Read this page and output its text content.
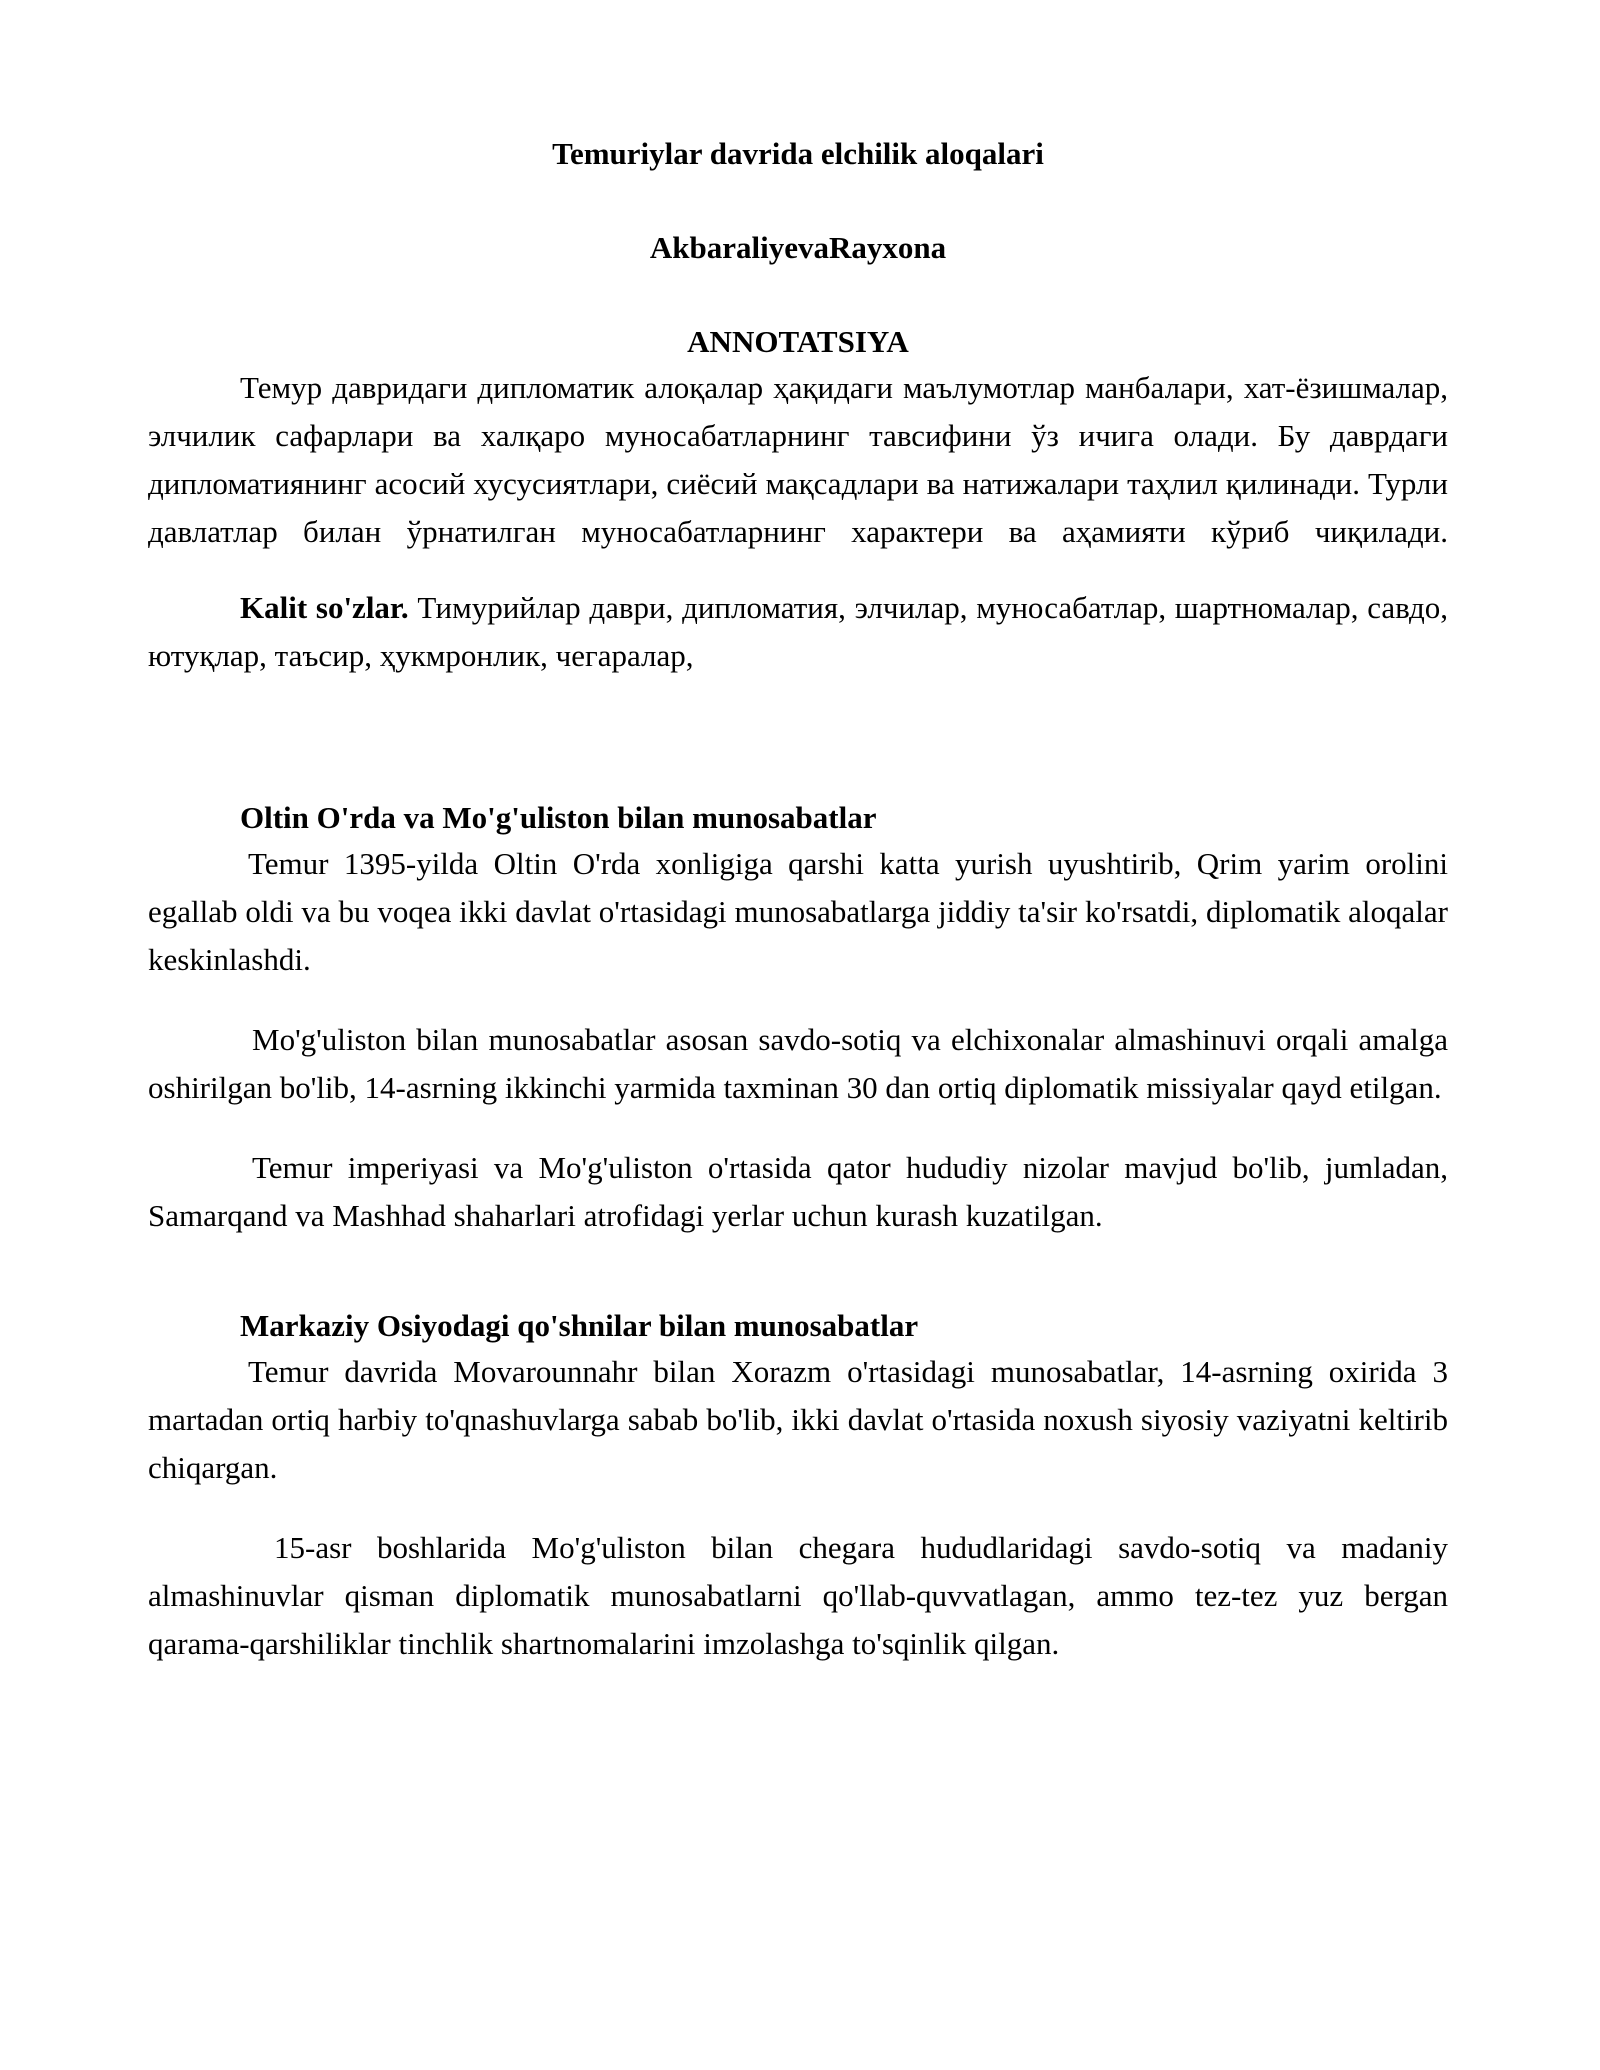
Temuriylar davrida elchilik aloqalari

AkbaraliyevaRayxona

ANNOTATSIYA

Темур давридаги дипломатик алоқалар ҳақидаги маълумотлар манбалари, хат-ёзишмалар, элчилик сафарлари ва халқаро муносабатларнинг тавсифини ўз ичига олади. Бу даврдаги дипломатиянинг асосий хусусиятлари, сиёсий мақсадлари ва натижалари таҳлил қилинади. Турли давлатлар билан ўрнатилган муносабатларнинг характери ва аҳамияти кўриб чиқилади.

Kalit so'zlar. Тимурийлар даври, дипломатия, элчилар, муносабатлар, шартномалар, савдо, ютуқлар, таъсир, ҳукмронлик, чегаралар,

Oltin O'rda va Mo'g'uliston bilan munosabatlar

Temur 1395-yilda Oltin O'rda xonligiga qarshi katta yurish uyushtirib, Qrim yarim orolini egallab oldi va bu voqea ikki davlat o'rtasidagi munosabatlarga jiddiy ta'sir ko'rsatdi, diplomatik aloqalar keskinlashdi.

Mo'g'uliston bilan munosabatlar asosan savdo-sotiq va elchixonalar almashinuvi orqali amalga oshirilgan bo'lib, 14-asrning ikkinchi yarmida taxminan 30 dan ortiq diplomatik missiyalar qayd etilgan.

Temur imperiyasi va Mo'g'uliston o'rtasida qator hududiy nizolar mavjud bo'lib, jumladan, Samarqand va Mashhad shaharlari atrofidagi yerlar uchun kurash kuzatilgan.

Markaziy Osiyodagi qo'shnilar bilan munosabatlar

Temur davrida Movarounnahr bilan Xorazm o'rtasidagi munosabatlar, 14-asrning oxirida 3 martadan ortiq harbiy to'qnashuvlarga sabab bo'lib, ikki davlat o'rtasida noxush siyosiy vaziyatni keltirib chiqargan.

15-asr boshlarida Mo'g'uliston bilan chegara hududlaridagi savdo-sotiq va madaniy almashinuvlar qisman diplomatik munosabatlarni qo'llab-quvvatlagan, ammo tez-tez yuz bergan qarama-qarshiliklar tinchlik shartnomalarini imzolashga to'sqinlik qilgan.
